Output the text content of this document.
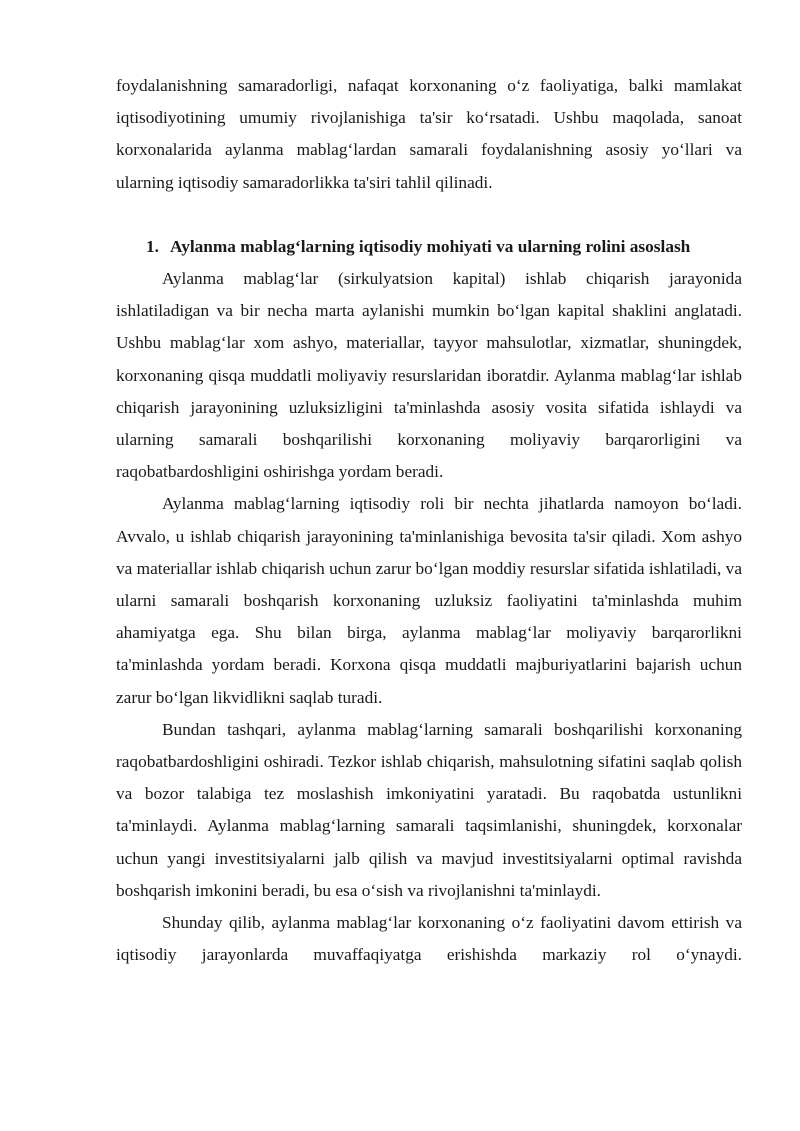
foydalanishning samaradorligi, nafaqat korxonaning o‘z faoliyatiga, balki mamlakat iqtisodiyotining umumiy rivojlanishiga ta'sir ko‘rsatadi. Ushbu maqolada, sanoat korxonalarida aylanma mablag‘lardan samarali foydalanishning asosiy yo‘llari va ularning iqtisodiy samaradorlikka ta'siri tahlil qilinadi.

1. Aylanma mablag‘larning iqtisodiy mohiyati va ularning rolini asoslash

Aylanma mablag‘lar (sirkulyatsion kapital) ishlab chiqarish jarayonida ishlatiladigan va bir necha marta aylanishi mumkin bo‘lgan kapital shaklini anglatadi. Ushbu mablag‘lar xom ashyo, materiallar, tayyor mahsulotlar, xizmatlar, shuningdek, korxonaning qisqa muddatli moliyaviy resurslaridan iboratdir. Aylanma mablag‘lar ishlab chiqarish jarayonining uzluksizligini ta'minlashda asosiy vosita sifatida ishlaydi va ularning samarali boshqarilishi korxonaning moliyaviy barqarorligini va raqobatbardoshligini oshirishga yordam beradi.

Aylanma mablag‘larning iqtisodiy roli bir nechta jihatlarda namoyon bo‘ladi. Avvalo, u ishlab chiqarish jarayonining ta'minlanishiga bevosita ta'sir qiladi. Xom ashyo va materiallar ishlab chiqarish uchun zarur bo‘lgan moddiy resurslar sifatida ishlatiladi, va ularni samarali boshqarish korxonaning uzluksiz faoliyatini ta'minlashda muhim ahamiyatga ega. Shu bilan birga, aylanma mablag‘lar moliyaviy barqarorlikni ta'minlashda yordam beradi. Korxona qisqa muddatli majburiyatlarini bajarish uchun zarur bo‘lgan likvidlikni saqlab turadi.

Bundan tashqari, aylanma mablag‘larning samarali boshqarilishi korxonaning raqobatbardoshligini oshiradi. Tezkor ishlab chiqarish, mahsulotning sifatini saqlab qolish va bozor talabiga tez moslashish imkoniyatini yaratadi. Bu raqobatda ustunlikni ta'minlaydi. Aylanma mablag‘larning samarali taqsimlanishi, shuningdek, korxonalar uchun yangi investitsiyalarni jalb qilish va mavjud investitsiyalarni optimal ravishda boshqarish imkonini beradi, bu esa o‘sish va rivojlanishni ta'minlaydi.

Shunday qilib, aylanma mablag‘lar korxonaning o‘z faoliyatini davom ettirish va iqtisodiy jarayonlarda muvaffaqiyatga erishishda markaziy rol o‘ynaydi.
